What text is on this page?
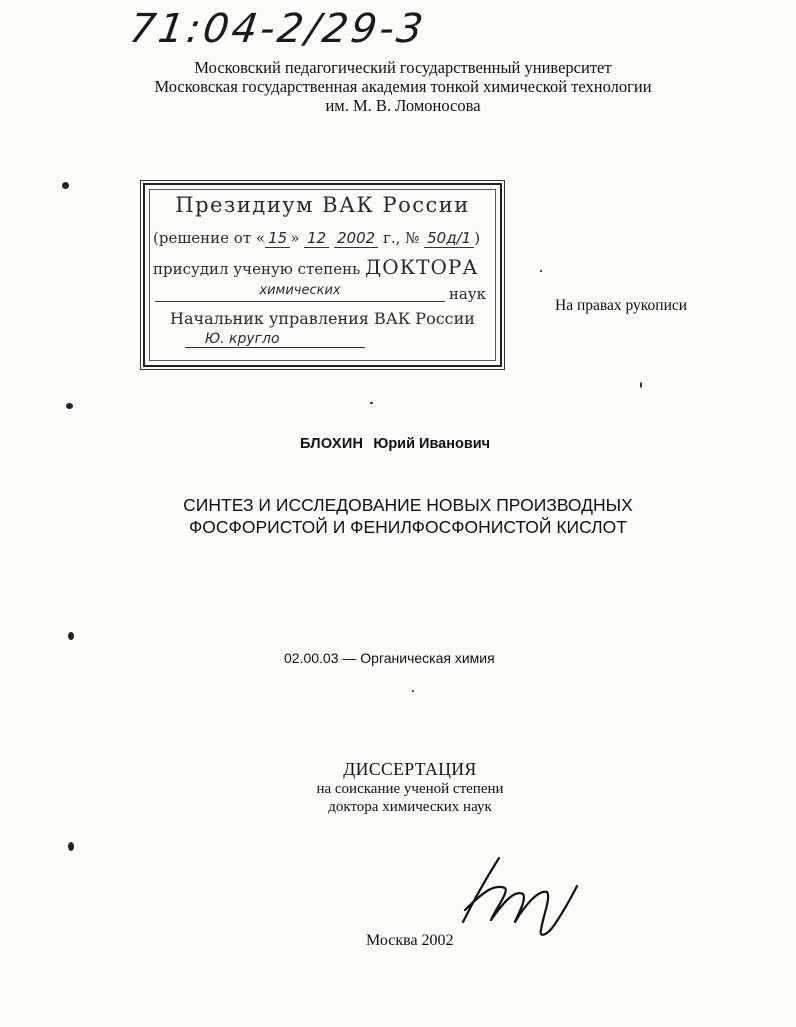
71:04-2/29-3
Московский педагогический государственный университет
Московская государственная академия тонкой химической технологии
им. М. В. Ломоносова
Президиум ВАК России
(решение от « 15 » 12 2002 г., № 50д/1 )
присудил ученую степень ДОКТОРА
химических	наук
Начальник управления ВАК России
Ю. кругло
На правах рукописи
БЛОХИН Юрий Иванович
СИНТЕЗ И ИССЛЕДОВАНИЕ НОВЫХ ПРОИЗВОДНЫХ
ФОСФОРИСТОЙ И ФЕНИЛФОСФОНИСТОЙ КИСЛОТ
02.00.03 — Органическая химия
ДИССЕРТАЦИЯ
на соискание ученой степени
доктора химических наук
Москва 2002
